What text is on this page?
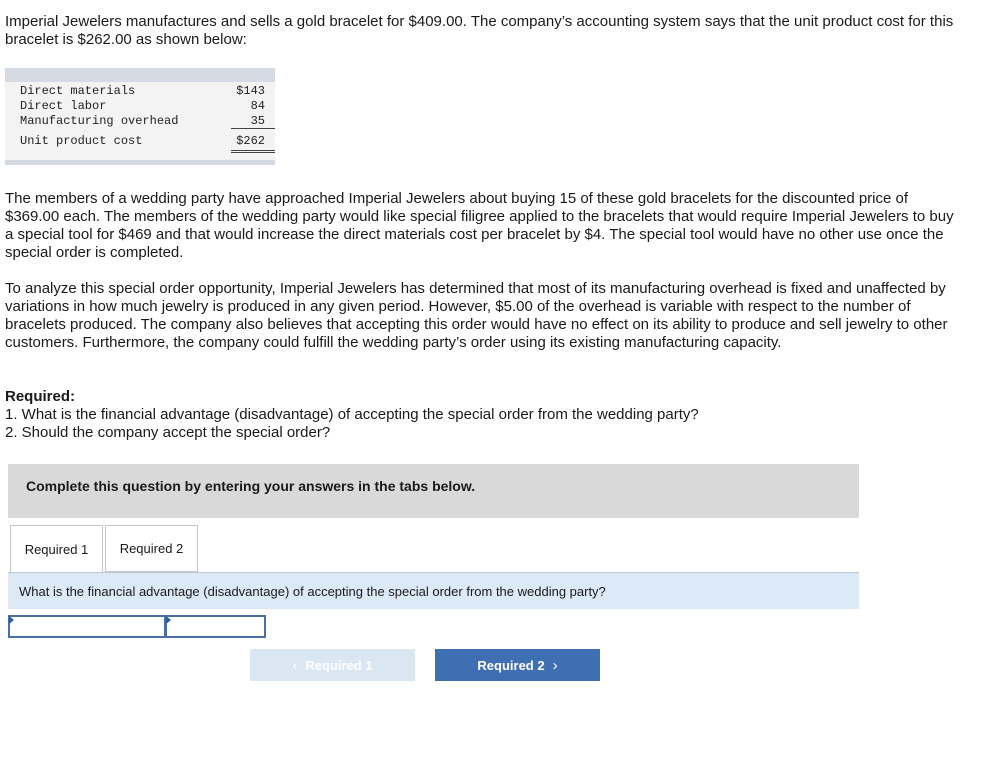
Imperial Jewelers manufactures and sells a gold bracelet for $409.00. The company’s accounting system says that the unit product cost for this bracelet is $262.00 as shown below:

Direct materials	$143
Direct labor	84
Manufacturing overhead	35
Unit product cost	$262

The members of a wedding party have approached Imperial Jewelers about buying 15 of these gold bracelets for the discounted price of $369.00 each. The members of the wedding party would like special filigree applied to the bracelets that would require Imperial Jewelers to buy a special tool for $469 and that would increase the direct materials cost per bracelet by $4. The special tool would have no other use once the special order is completed.

To analyze this special order opportunity, Imperial Jewelers has determined that most of its manufacturing overhead is fixed and unaffected by variations in how much jewelry is produced in any given period. However, $5.00 of the overhead is variable with respect to the number of bracelets produced. The company also believes that accepting this order would have no effect on its ability to produce and sell jewelry to other customers. Furthermore, the company could fulfill the wedding party’s order using its existing manufacturing capacity.

Required:
1. What is the financial advantage (disadvantage) of accepting the special order from the wedding party?
2. Should the company accept the special order?
Complete this question by entering your answers in the tabs below.
Required 1 Required 2
What is the financial advantage (disadvantage) of accepting the special order from the wedding party?
‹ Required 1	Required 2 ›
